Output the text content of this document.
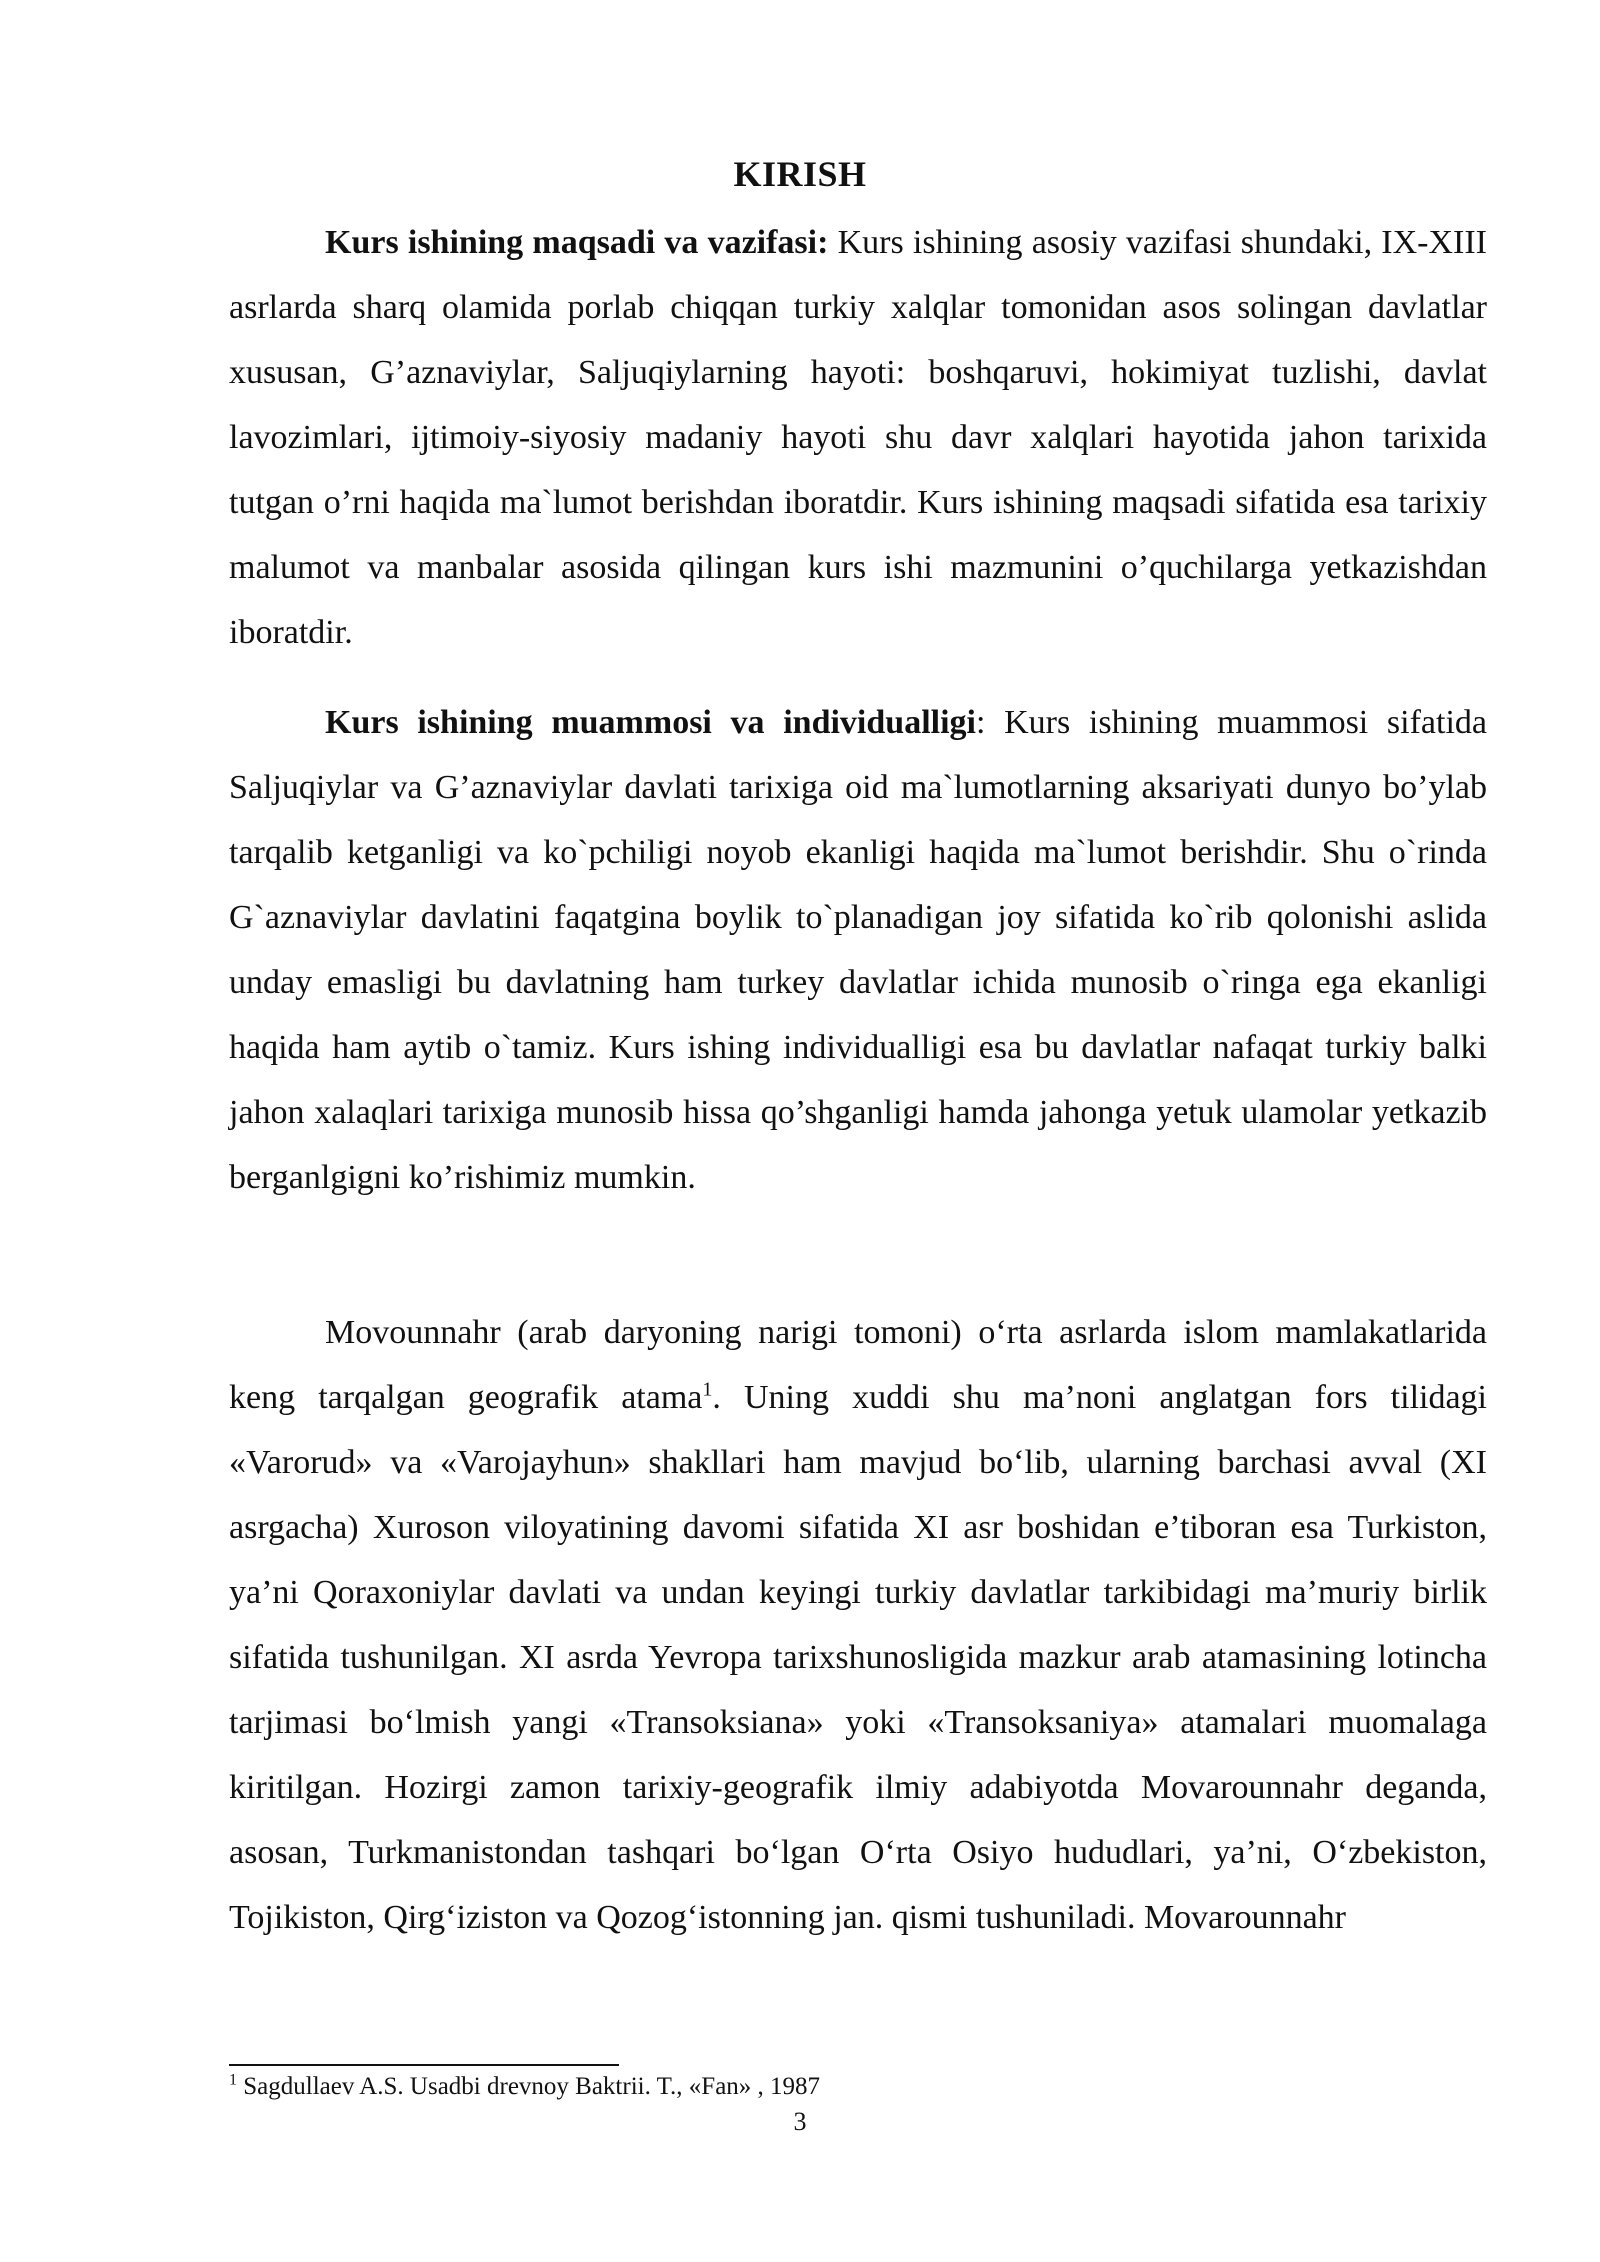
KIRISH

Kurs ishining maqsadi va vazifasi: Kurs ishining asosiy vazifasi shundaki, IX-XIII asrlarda sharq olamida porlab chiqqan turkiy xalqlar tomonidan asos solingan davlatlar xususan, G’aznaviylar, Saljuqiylarning hayoti: boshqaruvi, hokimiyat tuzlishi, davlat lavozimlari, ijtimoiy-siyosiy madaniy hayoti shu davr xalqlari hayotida jahon tarixida tutgan o’rni haqida ma`lumot berishdan iboratdir. Kurs ishining maqsadi sifatida esa tarixiy malumot va manbalar asosida qilingan kurs ishi mazmunini o’quchilarga yetkazishdan iboratdir.

Kurs ishining muammosi va individualligi: Kurs ishining muammosi sifatida Saljuqiylar va G’aznaviylar davlati tarixiga oid ma`lumotlarning aksariyati dunyo bo’ylab tarqalib ketganligi va ko`pchiligi noyob ekanligi haqida ma`lumot berishdir. Shu o`rinda G`aznaviylar davlatini faqatgina boylik to`planadigan joy sifatida ko`rib qolonishi aslida unday emasligi bu davlatning ham turkey davlatlar ichida munosib o`ringa ega ekanligi haqida ham aytib o`tamiz. Kurs ishing individualligi esa bu davlatlar nafaqat turkiy balki jahon xalaqlari tarixiga munosib hissa qo’shganligi hamda jahonga yetuk ulamolar yetkazib berganlgigni ko’rishimiz mumkin.

Movounnahr (arab daryoning narigi tomoni) o‘rta asrlarda islom mamlakatlarida keng tarqalgan geografik atama$^1$. Uning xuddi shu ma’noni anglatgan fors tilidagi «Varorud» va «Varojayhun» shakllari ham mavjud bo‘lib, ularning barchasi avval (XI asrgacha) Xuroson viloyatining davomi sifatida XI asr boshidan e’tiboran esa Turkiston, ya’ni Qoraxoniylar davlati va undan keyingi turkiy davlatlar tarkibidagi ma’muriy birlik sifatida tushunilgan. XI asrda Yevropa tarixshunosligida mazkur arab atamasining lotincha tarjimasi bo‘lmish yangi «Transoksiana» yoki «Transoksaniya» atamalari muomalaga kiritilgan. Hozirgi zamon tarixiy-geografik ilmiy adabiyotda Movarounnahr deganda, asosan, Turkmanistondan tashqari bo‘lgan O‘rta Osiyo hududlari, ya’ni, O‘zbekiston, Tojikiston, Qirg‘iziston va Qozog‘istonning jan. qismi tushuniladi. Movarounnahr

$^1$ Sagdullaev A.S. Usadbi drevnoy Baktrii. T., «Fan» , 1987
3
